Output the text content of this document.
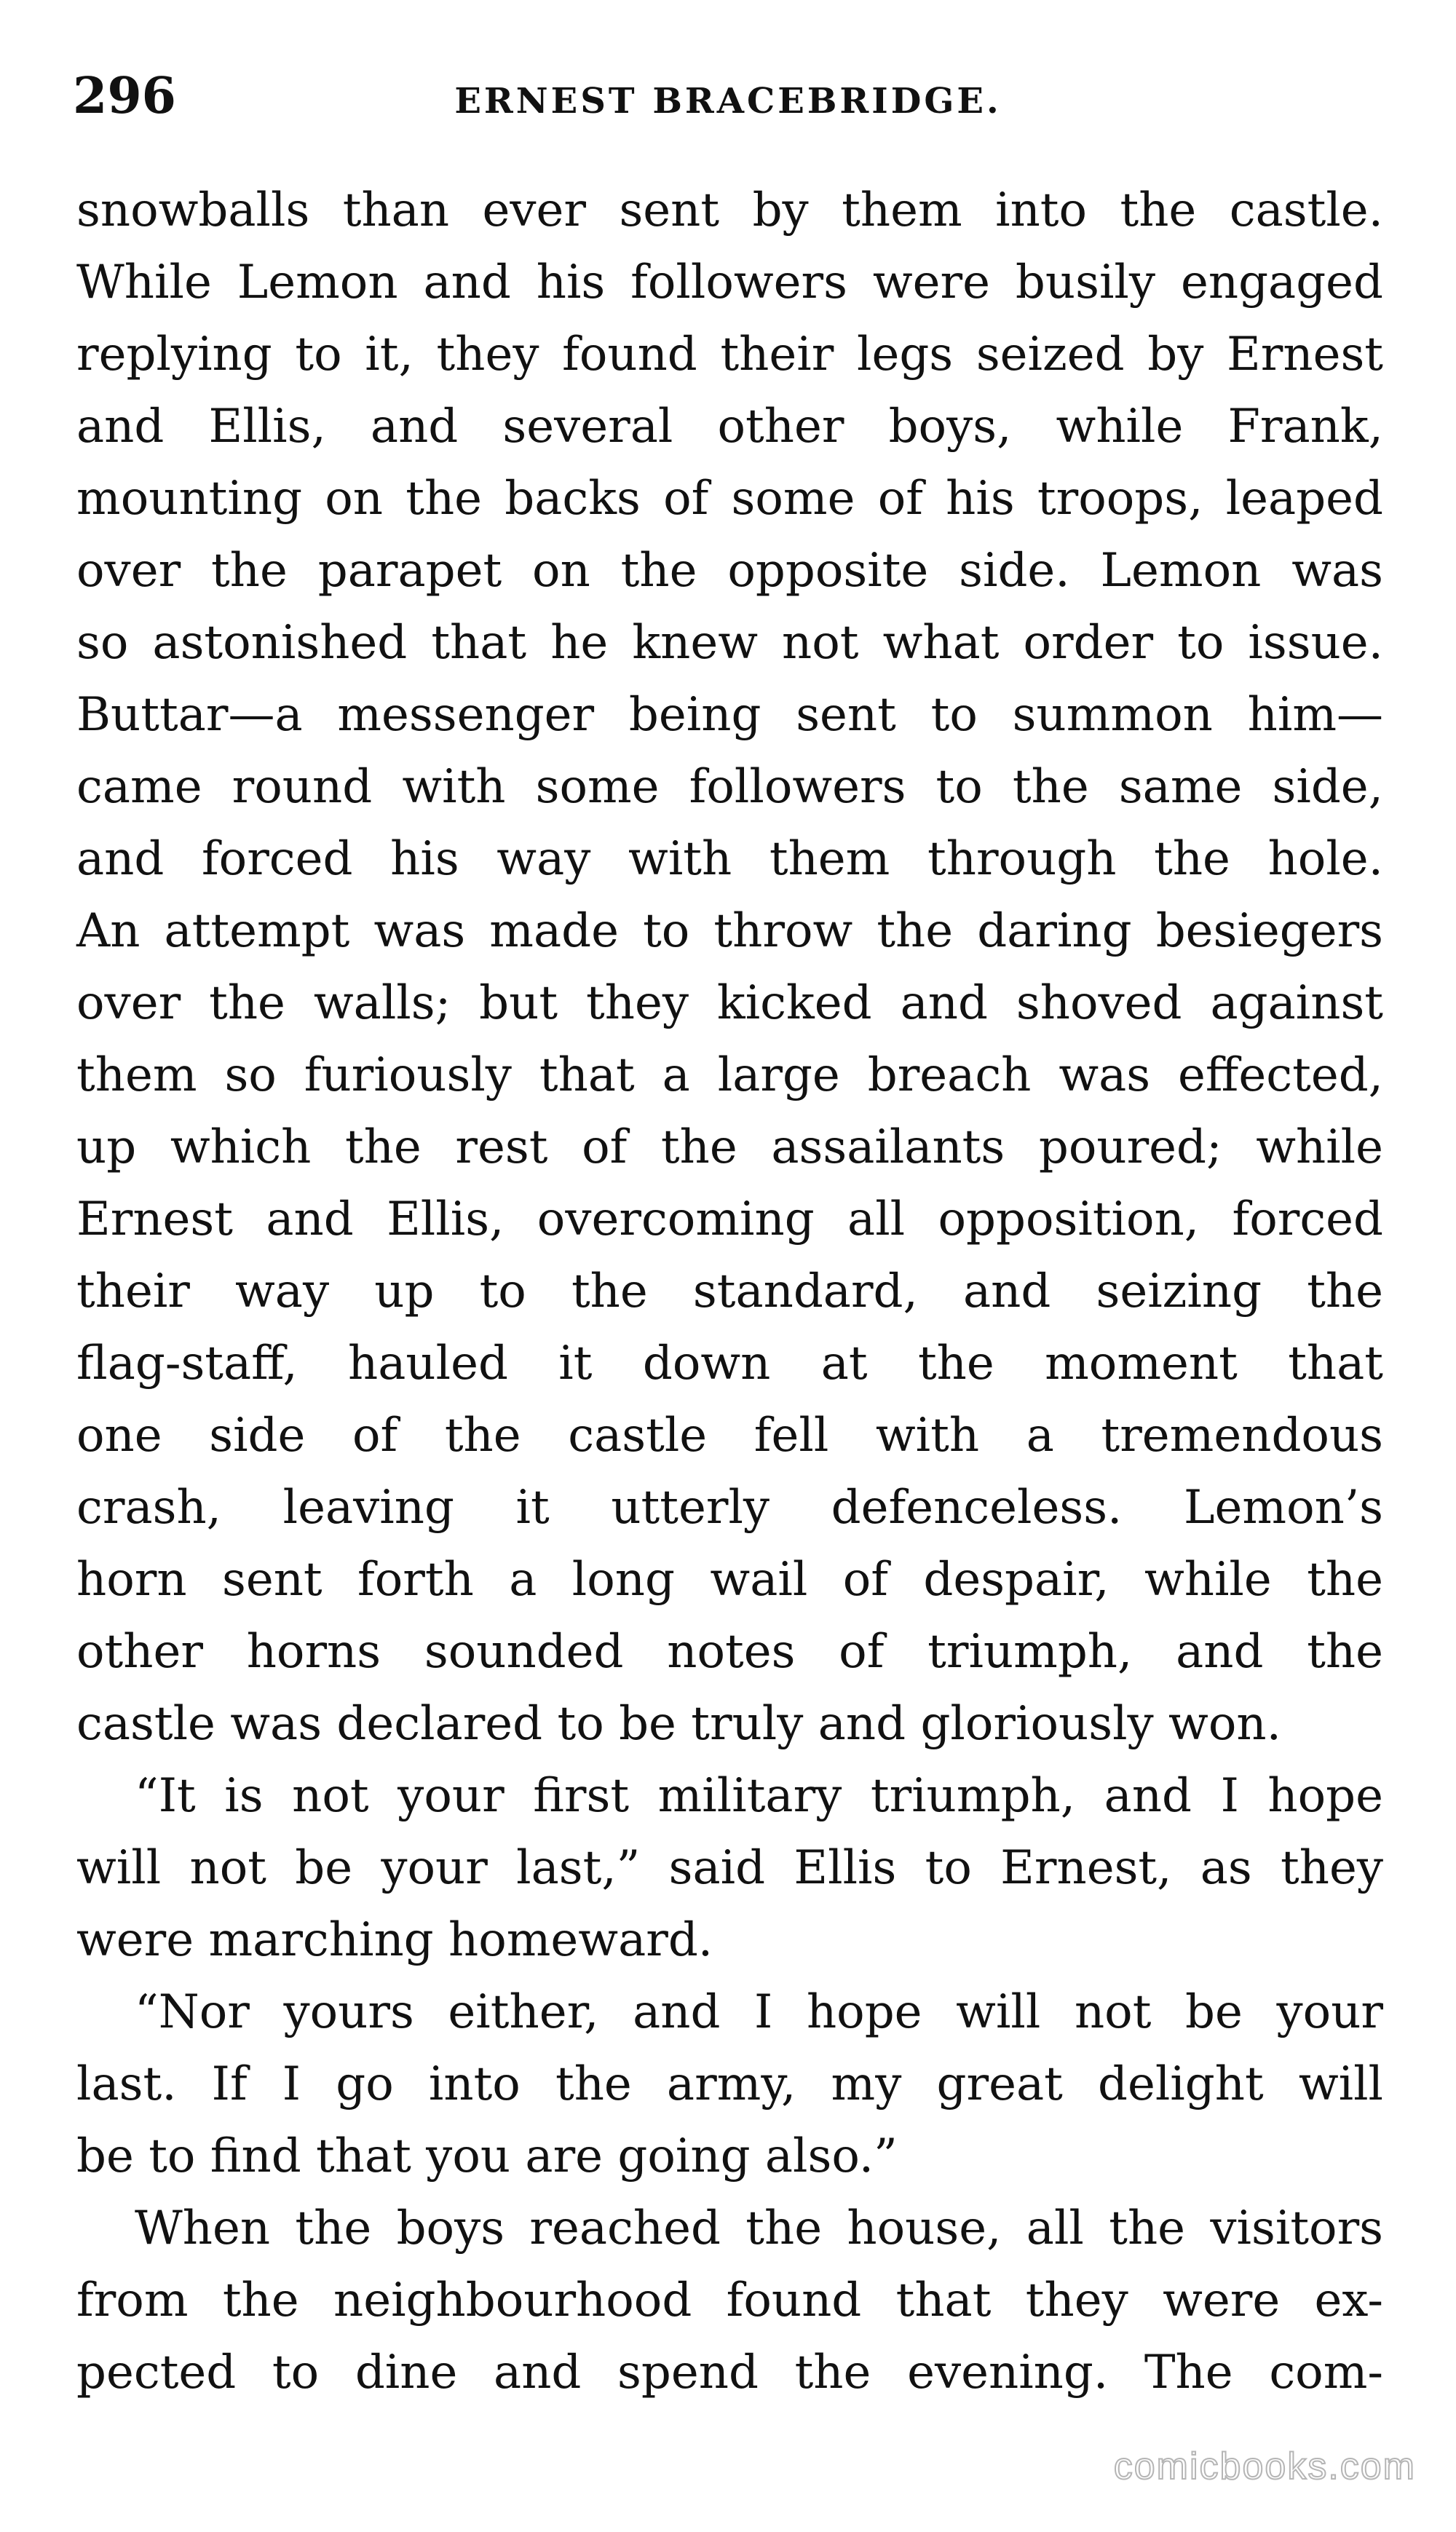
296	ERNEST BRACEBRIDGE.
snowballs than ever sent by them into the castle.
While Lemon and his followers were busily engaged
replying to it, they found their legs seized by Ernest
and Ellis, and several other boys, while Frank,
mounting on the backs of some of his troops, leaped
over the parapet on the opposite side. Lemon was
so astonished that he knew not what order to issue.
Buttar—a messenger being sent to summon him—
came round with some followers to the same side,
and forced his way with them through the hole.
An attempt was made to throw the daring besiegers
over the walls; but they kicked and shoved against
them so furiously that a large breach was effected,
up which the rest of the assailants poured; while
Ernest and Ellis, overcoming all opposition, forced
their way up to the standard, and seizing the
flag-staff, hauled it down at the moment that
one side of the castle fell with a tremendous
crash, leaving it utterly defenceless. Lemon’s
horn sent forth a long wail of despair, while the
other horns sounded notes of triumph, and the
castle was declared to be truly and gloriously won.
“It is not your first military triumph, and I hope
will not be your last,” said Ellis to Ernest, as they
were marching homeward.
“Nor yours either, and I hope will not be your
last. If I go into the army, my great delight will
be to find that you are going also.”
When the boys reached the house, all the visitors
from the neighbourhood found that they were ex-
pected to dine and spend the evening. The com-
comicbooks.com
